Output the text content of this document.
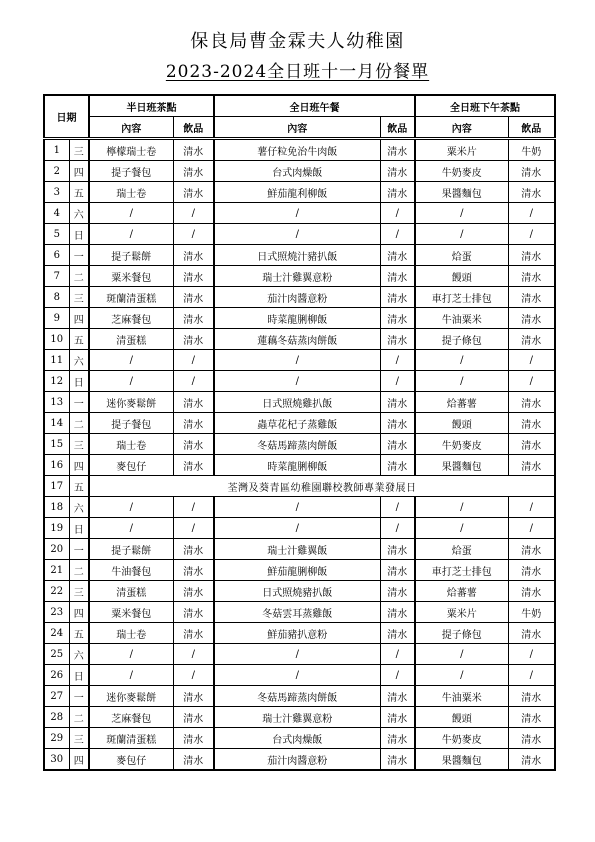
保良局曹金霖夫人幼稚園
2023-2024全日班十一月份餐單
日期		半日班茶點		全日班午餐		全日班下午茶點	
		內容	飲品	內容	飲品	內容	飲品
1	三	檸檬瑞士卷	清水	薯仔粒免治牛肉飯	清水	粟米片	牛奶
2	四	提子餐包	清水	台式肉燥飯	清水	牛奶麥皮	清水
3	五	瑞士卷	清水	鮮茄龍利柳飯	清水	果醬麵包	清水
4	六	/	/	/	/	/	/
5	日	/	/	/	/	/	/
6	一	提子鬆餅	清水	日式照燒汁豬扒飯	清水	烚蛋	清水
7	二	粟米餐包	清水	瑞士汁雞翼意粉	清水	饅頭	清水
8	三	斑蘭清蛋糕	清水	茄汁肉醬意粉	清水	車打芝士排包	清水
9	四	芝麻餐包	清水	時菜龍脷柳飯	清水	牛油粟米	清水
10	五	清蛋糕	清水	蓮藕冬菇蒸肉餅飯	清水	提子條包	清水
11	六	/	/	/	/	/	/
12	日	/	/	/	/	/	/
13	一	迷你麥鬆餅	清水	日式照燒雞扒飯	清水	烚蕃薯	清水
14	二	提子餐包	清水	蟲草花杞子蒸雞飯	清水	饅頭	清水
15	三	瑞士卷	清水	冬菇馬蹄蒸肉餅飯	清水	牛奶麥皮	清水
16	四	麥包仔	清水	時菜龍脷柳飯	清水	果醬麵包	清水
17	五	荃灣及葵青區幼稚園聯校教師專業發展日					
18	六	/	/	/	/	/	/
19	日	/	/	/	/	/	/
20	一	提子鬆餅	清水	瑞士汁雞翼飯	清水	烚蛋	清水
21	二	牛油餐包	清水	鮮茄龍脷柳飯	清水	車打芝士排包	清水
22	三	清蛋糕	清水	日式照燒豬扒飯	清水	烚蕃薯	清水
23	四	粟米餐包	清水	冬菇雲耳蒸雞飯	清水	粟米片	牛奶
24	五	瑞士卷	清水	鮮茄豬扒意粉	清水	提子條包	清水
25	六	/	/	/	/	/	/
26	日	/	/	/	/	/	/
27	一	迷你麥鬆餅	清水	冬菇馬蹄蒸肉餅飯	清水	牛油粟米	清水
28	二	芝麻餐包	清水	瑞士汁雞翼意粉	清水	饅頭	清水
29	三	斑蘭清蛋糕	清水	台式肉燥飯	清水	牛奶麥皮	清水
30	四	麥包仔	清水	茄汁肉醬意粉	清水	果醬麵包	清水
